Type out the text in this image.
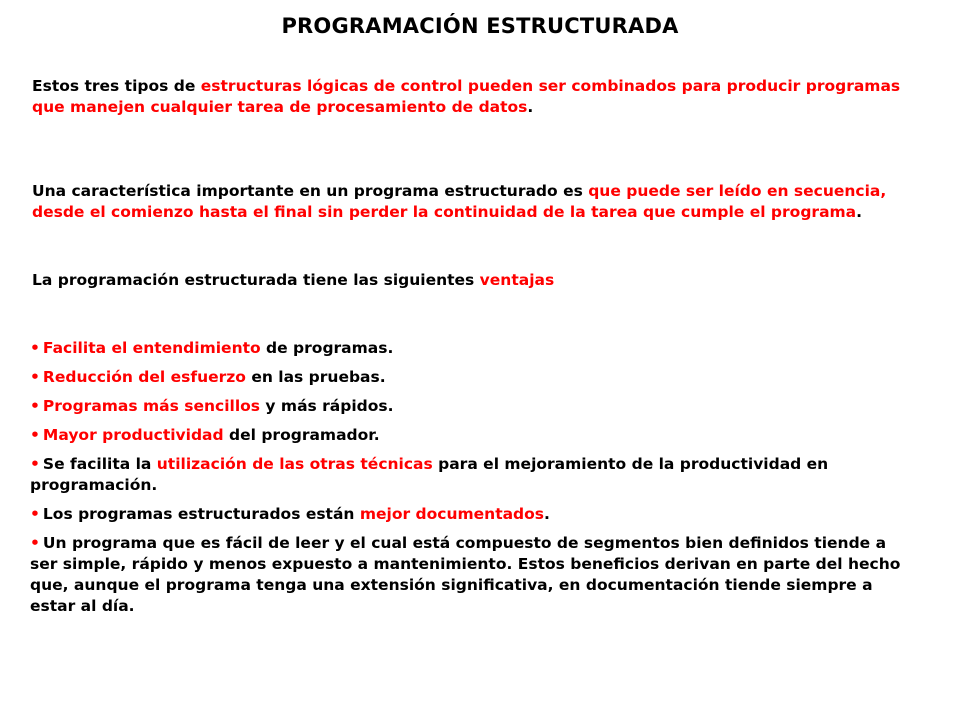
PROGRAMACIÓN ESTRUCTURADA

Estos tres tipos de estructuras lógicas de control pueden ser combinados para producir programas que manejen cualquier tarea de procesamiento de datos.

Una característica importante en un programa estructurado es que puede ser leído en secuencia, desde el comienzo hasta el final sin perder la continuidad de la tarea que cumple el programa.

La programación estructurada tiene las siguientes ventajas

• Facilita el entendimiento de programas.
• Reducción del esfuerzo en las pruebas.
• Programas más sencillos y más rápidos.
• Mayor productividad del programador.
• Se facilita la utilización de las otras técnicas para el mejoramiento de la productividad en programación.
• Los programas estructurados están mejor documentados.
• Un programa que es fácil de leer y el cual está compuesto de segmentos bien definidos tiende a ser simple, rápido y menos expuesto a mantenimiento. Estos beneficios derivan en parte del hecho que, aunque el programa tenga una extensión significativa, en documentación tiende siempre a estar al día.
